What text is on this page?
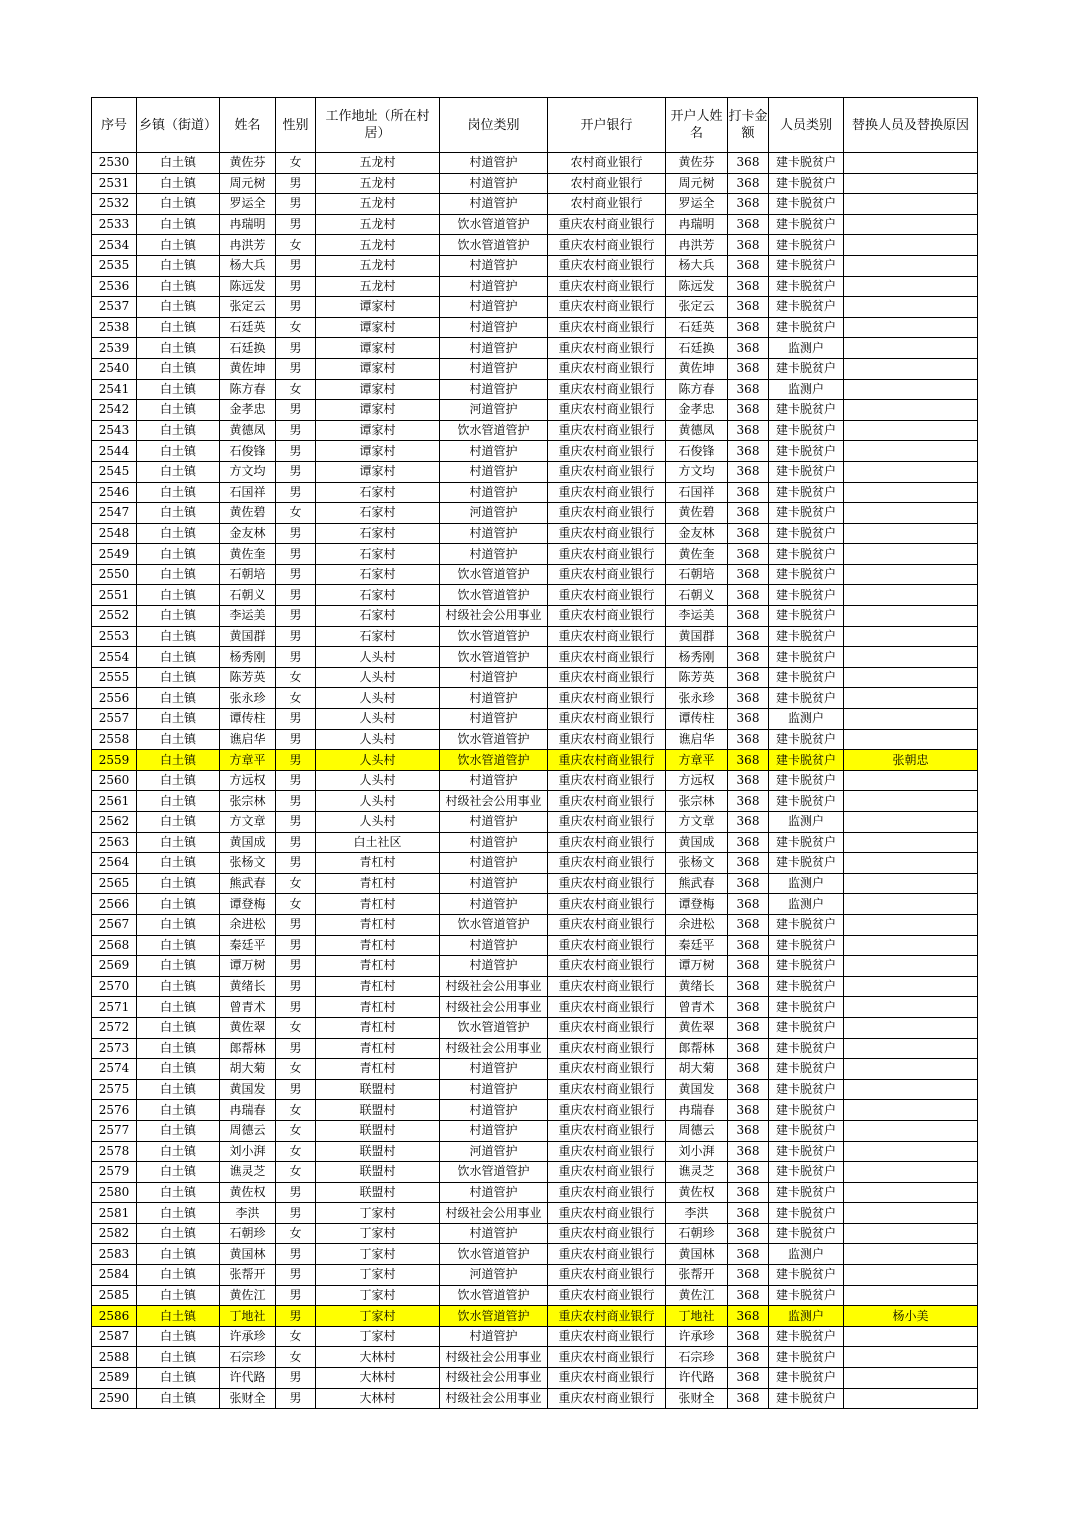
序号	乡镇（街道）	姓名	性别	工作地址（所在村居）	岗位类别	开户银行	开户人姓名	打卡金额	人员类别	替换人员及替换原因
2530	白土镇	黄佐芬	女	五龙村	村道管护	农村商业银行	黄佐芬	368	建卡脱贫户	
2531	白土镇	周元树	男	五龙村	村道管护	农村商业银行	周元树	368	建卡脱贫户	
2532	白土镇	罗运全	男	五龙村	村道管护	农村商业银行	罗运全	368	建卡脱贫户	
2533	白土镇	冉瑞明	男	五龙村	饮水管道管护	重庆农村商业银行	冉瑞明	368	建卡脱贫户	
2534	白土镇	冉洪芳	女	五龙村	饮水管道管护	重庆农村商业银行	冉洪芳	368	建卡脱贫户	
2535	白土镇	杨大兵	男	五龙村	村道管护	重庆农村商业银行	杨大兵	368	建卡脱贫户	
2536	白土镇	陈远发	男	五龙村	村道管护	重庆农村商业银行	陈远发	368	建卡脱贫户	
2537	白土镇	张定云	男	谭家村	村道管护	重庆农村商业银行	张定云	368	建卡脱贫户	
2538	白土镇	石廷英	女	谭家村	村道管护	重庆农村商业银行	石廷英	368	建卡脱贫户	
2539	白土镇	石廷换	男	谭家村	村道管护	重庆农村商业银行	石廷换	368	监测户	
2540	白土镇	黄佐坤	男	谭家村	村道管护	重庆农村商业银行	黄佐坤	368	建卡脱贫户	
2541	白土镇	陈方春	女	谭家村	村道管护	重庆农村商业银行	陈方春	368	监测户	
2542	白土镇	金孝忠	男	谭家村	河道管护	重庆农村商业银行	金孝忠	368	建卡脱贫户	
2543	白土镇	黄德凤	男	谭家村	饮水管道管护	重庆农村商业银行	黄德凤	368	建卡脱贫户	
2544	白土镇	石俊锋	男	谭家村	村道管护	重庆农村商业银行	石俊锋	368	建卡脱贫户	
2545	白土镇	方文均	男	谭家村	村道管护	重庆农村商业银行	方文均	368	建卡脱贫户	
2546	白土镇	石国祥	男	石家村	村道管护	重庆农村商业银行	石国祥	368	建卡脱贫户	
2547	白土镇	黄佐碧	女	石家村	河道管护	重庆农村商业银行	黄佐碧	368	建卡脱贫户	
2548	白土镇	金友林	男	石家村	村道管护	重庆农村商业银行	金友林	368	建卡脱贫户	
2549	白土镇	黄佐奎	男	石家村	村道管护	重庆农村商业银行	黄佐奎	368	建卡脱贫户	
2550	白土镇	石朝培	男	石家村	饮水管道管护	重庆农村商业银行	石朝培	368	建卡脱贫户	
2551	白土镇	石朝义	男	石家村	饮水管道管护	重庆农村商业银行	石朝义	368	建卡脱贫户	
2552	白土镇	李运美	男	石家村	村级社会公用事业	重庆农村商业银行	李运美	368	建卡脱贫户	
2553	白土镇	黄国群	男	石家村	饮水管道管护	重庆农村商业银行	黄国群	368	建卡脱贫户	
2554	白土镇	杨秀刚	男	人头村	饮水管道管护	重庆农村商业银行	杨秀刚	368	建卡脱贫户	
2555	白土镇	陈芳英	女	人头村	村道管护	重庆农村商业银行	陈芳英	368	建卡脱贫户	
2556	白土镇	张永珍	女	人头村	村道管护	重庆农村商业银行	张永珍	368	建卡脱贫户	
2557	白土镇	谭传柱	男	人头村	村道管护	重庆农村商业银行	谭传柱	368	监测户	
2558	白土镇	谯启华	男	人头村	饮水管道管护	重庆农村商业银行	谯启华	368	建卡脱贫户	
2559	白土镇	方章平	男	人头村	饮水管道管护	重庆农村商业银行	方章平	368	建卡脱贫户	张朝忠
2560	白土镇	方远权	男	人头村	村道管护	重庆农村商业银行	方远权	368	建卡脱贫户	
2561	白土镇	张宗林	男	人头村	村级社会公用事业	重庆农村商业银行	张宗林	368	建卡脱贫户	
2562	白土镇	方文章	男	人头村	村道管护	重庆农村商业银行	方文章	368	监测户	
2563	白土镇	黄国成	男	白土社区	村道管护	重庆农村商业银行	黄国成	368	建卡脱贫户	
2564	白土镇	张杨文	男	青杠村	村道管护	重庆农村商业银行	张杨文	368	建卡脱贫户	
2565	白土镇	熊武春	女	青杠村	村道管护	重庆农村商业银行	熊武春	368	监测户	
2566	白土镇	谭登梅	女	青杠村	村道管护	重庆农村商业银行	谭登梅	368	监测户	
2567	白土镇	余进松	男	青杠村	饮水管道管护	重庆农村商业银行	余进松	368	建卡脱贫户	
2568	白土镇	秦廷平	男	青杠村	村道管护	重庆农村商业银行	秦廷平	368	建卡脱贫户	
2569	白土镇	谭万树	男	青杠村	村道管护	重庆农村商业银行	谭万树	368	建卡脱贫户	
2570	白土镇	黄绪长	男	青杠村	村级社会公用事业	重庆农村商业银行	黄绪长	368	建卡脱贫户	
2571	白土镇	曾青术	男	青杠村	村级社会公用事业	重庆农村商业银行	曾青术	368	建卡脱贫户	
2572	白土镇	黄佐翠	女	青杠村	饮水管道管护	重庆农村商业银行	黄佐翠	368	建卡脱贫户	
2573	白土镇	郎帮林	男	青杠村	村级社会公用事业	重庆农村商业银行	郎帮林	368	建卡脱贫户	
2574	白土镇	胡大菊	女	青杠村	村道管护	重庆农村商业银行	胡大菊	368	建卡脱贫户	
2575	白土镇	黄国发	男	联盟村	村道管护	重庆农村商业银行	黄国发	368	建卡脱贫户	
2576	白土镇	冉瑞春	女	联盟村	村道管护	重庆农村商业银行	冉瑞春	368	建卡脱贫户	
2577	白土镇	周德云	女	联盟村	村道管护	重庆农村商业银行	周德云	368	建卡脱贫户	
2578	白土镇	刘小湃	女	联盟村	河道管护	重庆农村商业银行	刘小湃	368	建卡脱贫户	
2579	白土镇	谯灵芝	女	联盟村	饮水管道管护	重庆农村商业银行	谯灵芝	368	建卡脱贫户	
2580	白土镇	黄佐权	男	联盟村	村道管护	重庆农村商业银行	黄佐权	368	建卡脱贫户	
2581	白土镇	李洪	男	丁家村	村级社会公用事业	重庆农村商业银行	李洪	368	建卡脱贫户	
2582	白土镇	石朝珍	女	丁家村	村道管护	重庆农村商业银行	石朝珍	368	建卡脱贫户	
2583	白土镇	黄国林	男	丁家村	饮水管道管护	重庆农村商业银行	黄国林	368	监测户	
2584	白土镇	张帮开	男	丁家村	河道管护	重庆农村商业银行	张帮开	368	建卡脱贫户	
2585	白土镇	黄佐江	男	丁家村	饮水管道管护	重庆农村商业银行	黄佐江	368	建卡脱贫户	
2586	白土镇	丁地社	男	丁家村	饮水管道管护	重庆农村商业银行	丁地社	368	监测户	杨小美
2587	白土镇	许承珍	女	丁家村	村道管护	重庆农村商业银行	许承珍	368	建卡脱贫户	
2588	白土镇	石宗珍	女	大林村	村级社会公用事业	重庆农村商业银行	石宗珍	368	建卡脱贫户	
2589	白土镇	许代路	男	大林村	村级社会公用事业	重庆农村商业银行	许代路	368	建卡脱贫户	
2590	白土镇	张财全	男	大林村	村级社会公用事业	重庆农村商业银行	张财全	368	建卡脱贫户	
